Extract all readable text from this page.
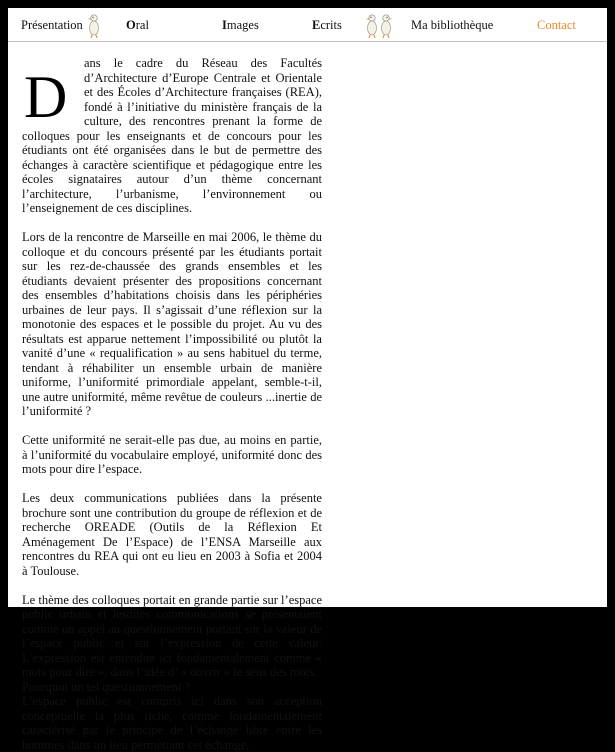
Présentation	Oral	Images	Ecrits	Ma bibliothèque	Contact

D
ans le cadre du Réseau des Facultés d’Architecture d’Europe Centrale et Orientale et des Écoles d’Architecture françaises (REA), fondé à l’initiative du ministère français de la culture, des rencontres prenant la forme de colloques pour les enseignants et de concours pour les étudiants ont été organisées dans le but de permettre des échanges à caractère scientifique et pédagogique entre les écoles signataires autour d’un thème concernant l’architecture, l’urbanisme, l’environnement ou l’enseignement de ces disciplines.

Lors de la rencontre de Marseille en mai 2006, le thème du colloque et du concours présenté par les étudiants portait sur les rez-de-chaussée des grands ensembles et les étudiants devaient présenter des propositions concernant des ensembles d’habitations choisis dans les périphéries urbaines de leur pays. Il s’agissait d’une réflexion sur la monotonie des espaces et le possible du projet. Au vu des résultats est apparue nettement l’impossibilité ou plutôt la vanité d’une « requalification » au sens habituel du terme, tendant à réhabiliter un ensemble urbain de manière uniforme, l’uniformité primordiale appelant, semble-t-il, une autre uniformité, même revêtue de couleurs ...inertie de l’uniformité ?

Cette uniformité ne serait-elle pas due, au moins en partie, à l’uniformité du vocabulaire employé, uniformité donc des mots pour dire l’espace.

Les deux communications publiées dans la présente brochure sont une contribution du groupe de réflexion et de recherche OREADE (Outils de la Réflexion Et Aménagement De l’Espace) de l’ENSA Marseille aux rencontres du REA qui ont eu lieu en 2003 à Sofia et 2004 à Toulouse.

Le thème des colloques portait en grande partie sur l’espace public urbain et lesdites communications se présentaient comme un appel au questionnement portant sur la valeur de l’espace public et sur l’expression de cette valeur. L’expression est entendue ici fondamentalement comme « mots pour dire », dans l’idée d’ « ouvrir » le sens des mots.

Pourquoi un tel questionnement ?

L’espace public est compris ici dans son acception conceptuelle la plus riche, comme fondamentalement caractérisé par le principe de l’échange libre entre les hommes dans un lieu permettant cet échange,
